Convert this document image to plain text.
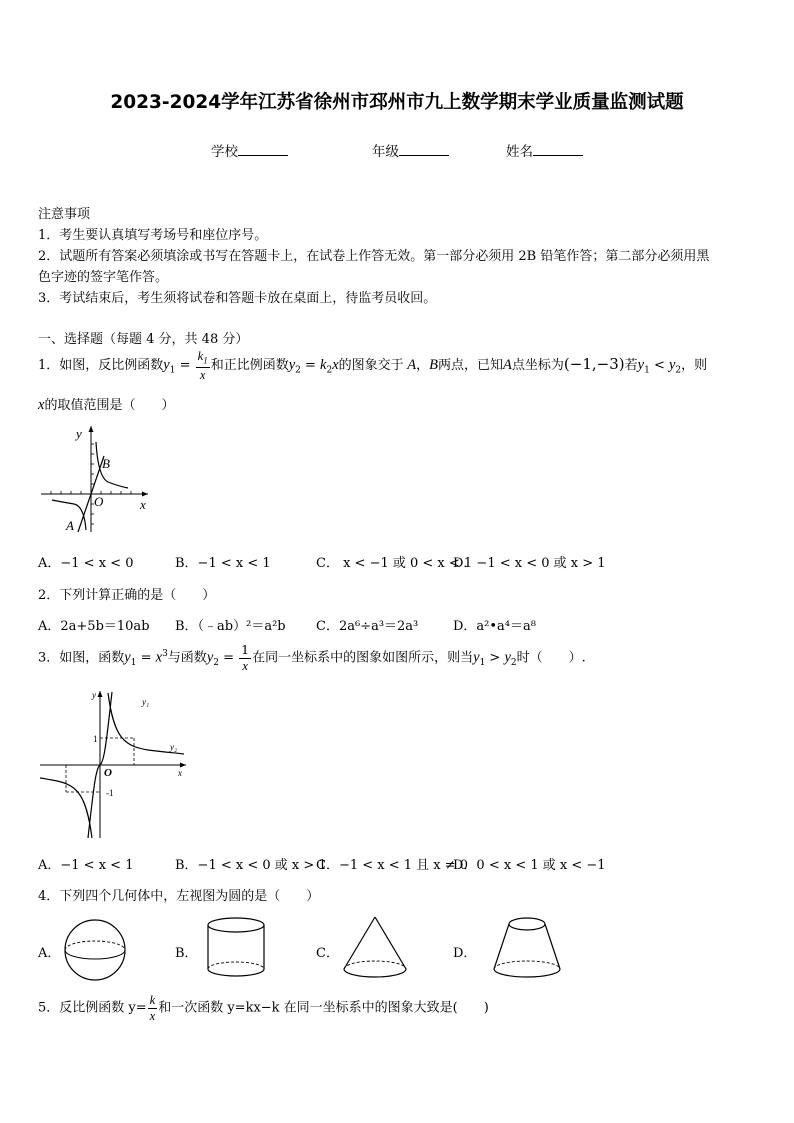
2023-2024学年江苏省徐州市邳州市九上数学期末学业质量监测试题
学校	年级	姓名
注意事项
1．考生要认真填写考场号和座位序号。
2．试题所有答案必须填涂或书写在答题卡上，在试卷上作答无效。第一部分必须用 2B 铅笔作答；第二部分必须用黑
色字迹的签字笔作答。
3．考试结束后，考生须将试卷和答题卡放在桌面上，待监考员收回。
一、选择题（每题 4 分，共 48 分）
1．如图，反比例函数$y_1 = \frac{k_1}{x}$ 和正比例函数$y_2 = k_2x$的图象交于 A，B两点，已知A点坐标为(−1,−3)若$y_1 < y_2$，则
x的取值范围是（　　）
y
x
O
B
A
A．−1 < x < 0	B．−1 < x < 1	C． x < −1 或 0 < x < 1
D．−1 < x < 0 或 x > 1
2．下列计算正确的是（　　）
A．2a+5b＝10ab B．（﹣ab）²＝a²b C．2a⁶÷a³＝2a³	D．a²•a⁴＝a⁸
3．如图，函数$y_1 = x^3$与函数$y_2 = \frac{1}{x}$ 在同一坐标系中的图象如图所示，则当$y_1 > y_2$时（　　）.
y
x
O
1
-1
y₁
y₂
A．−1 < x < 1	B．−1 < x < 0 或 x > 1
C．−1 < x < 1 且 x ≠ 0
D．0 < x < 1 或 x < −1
4．下列四个几何体中，左视图为圆的是（　　）
A．	B．	C．	D．
5．反比例函数 $y= \frac{k}{x}$ 和一次函数 y=kx−k 在同一坐标系中的图象大致是(　　)
